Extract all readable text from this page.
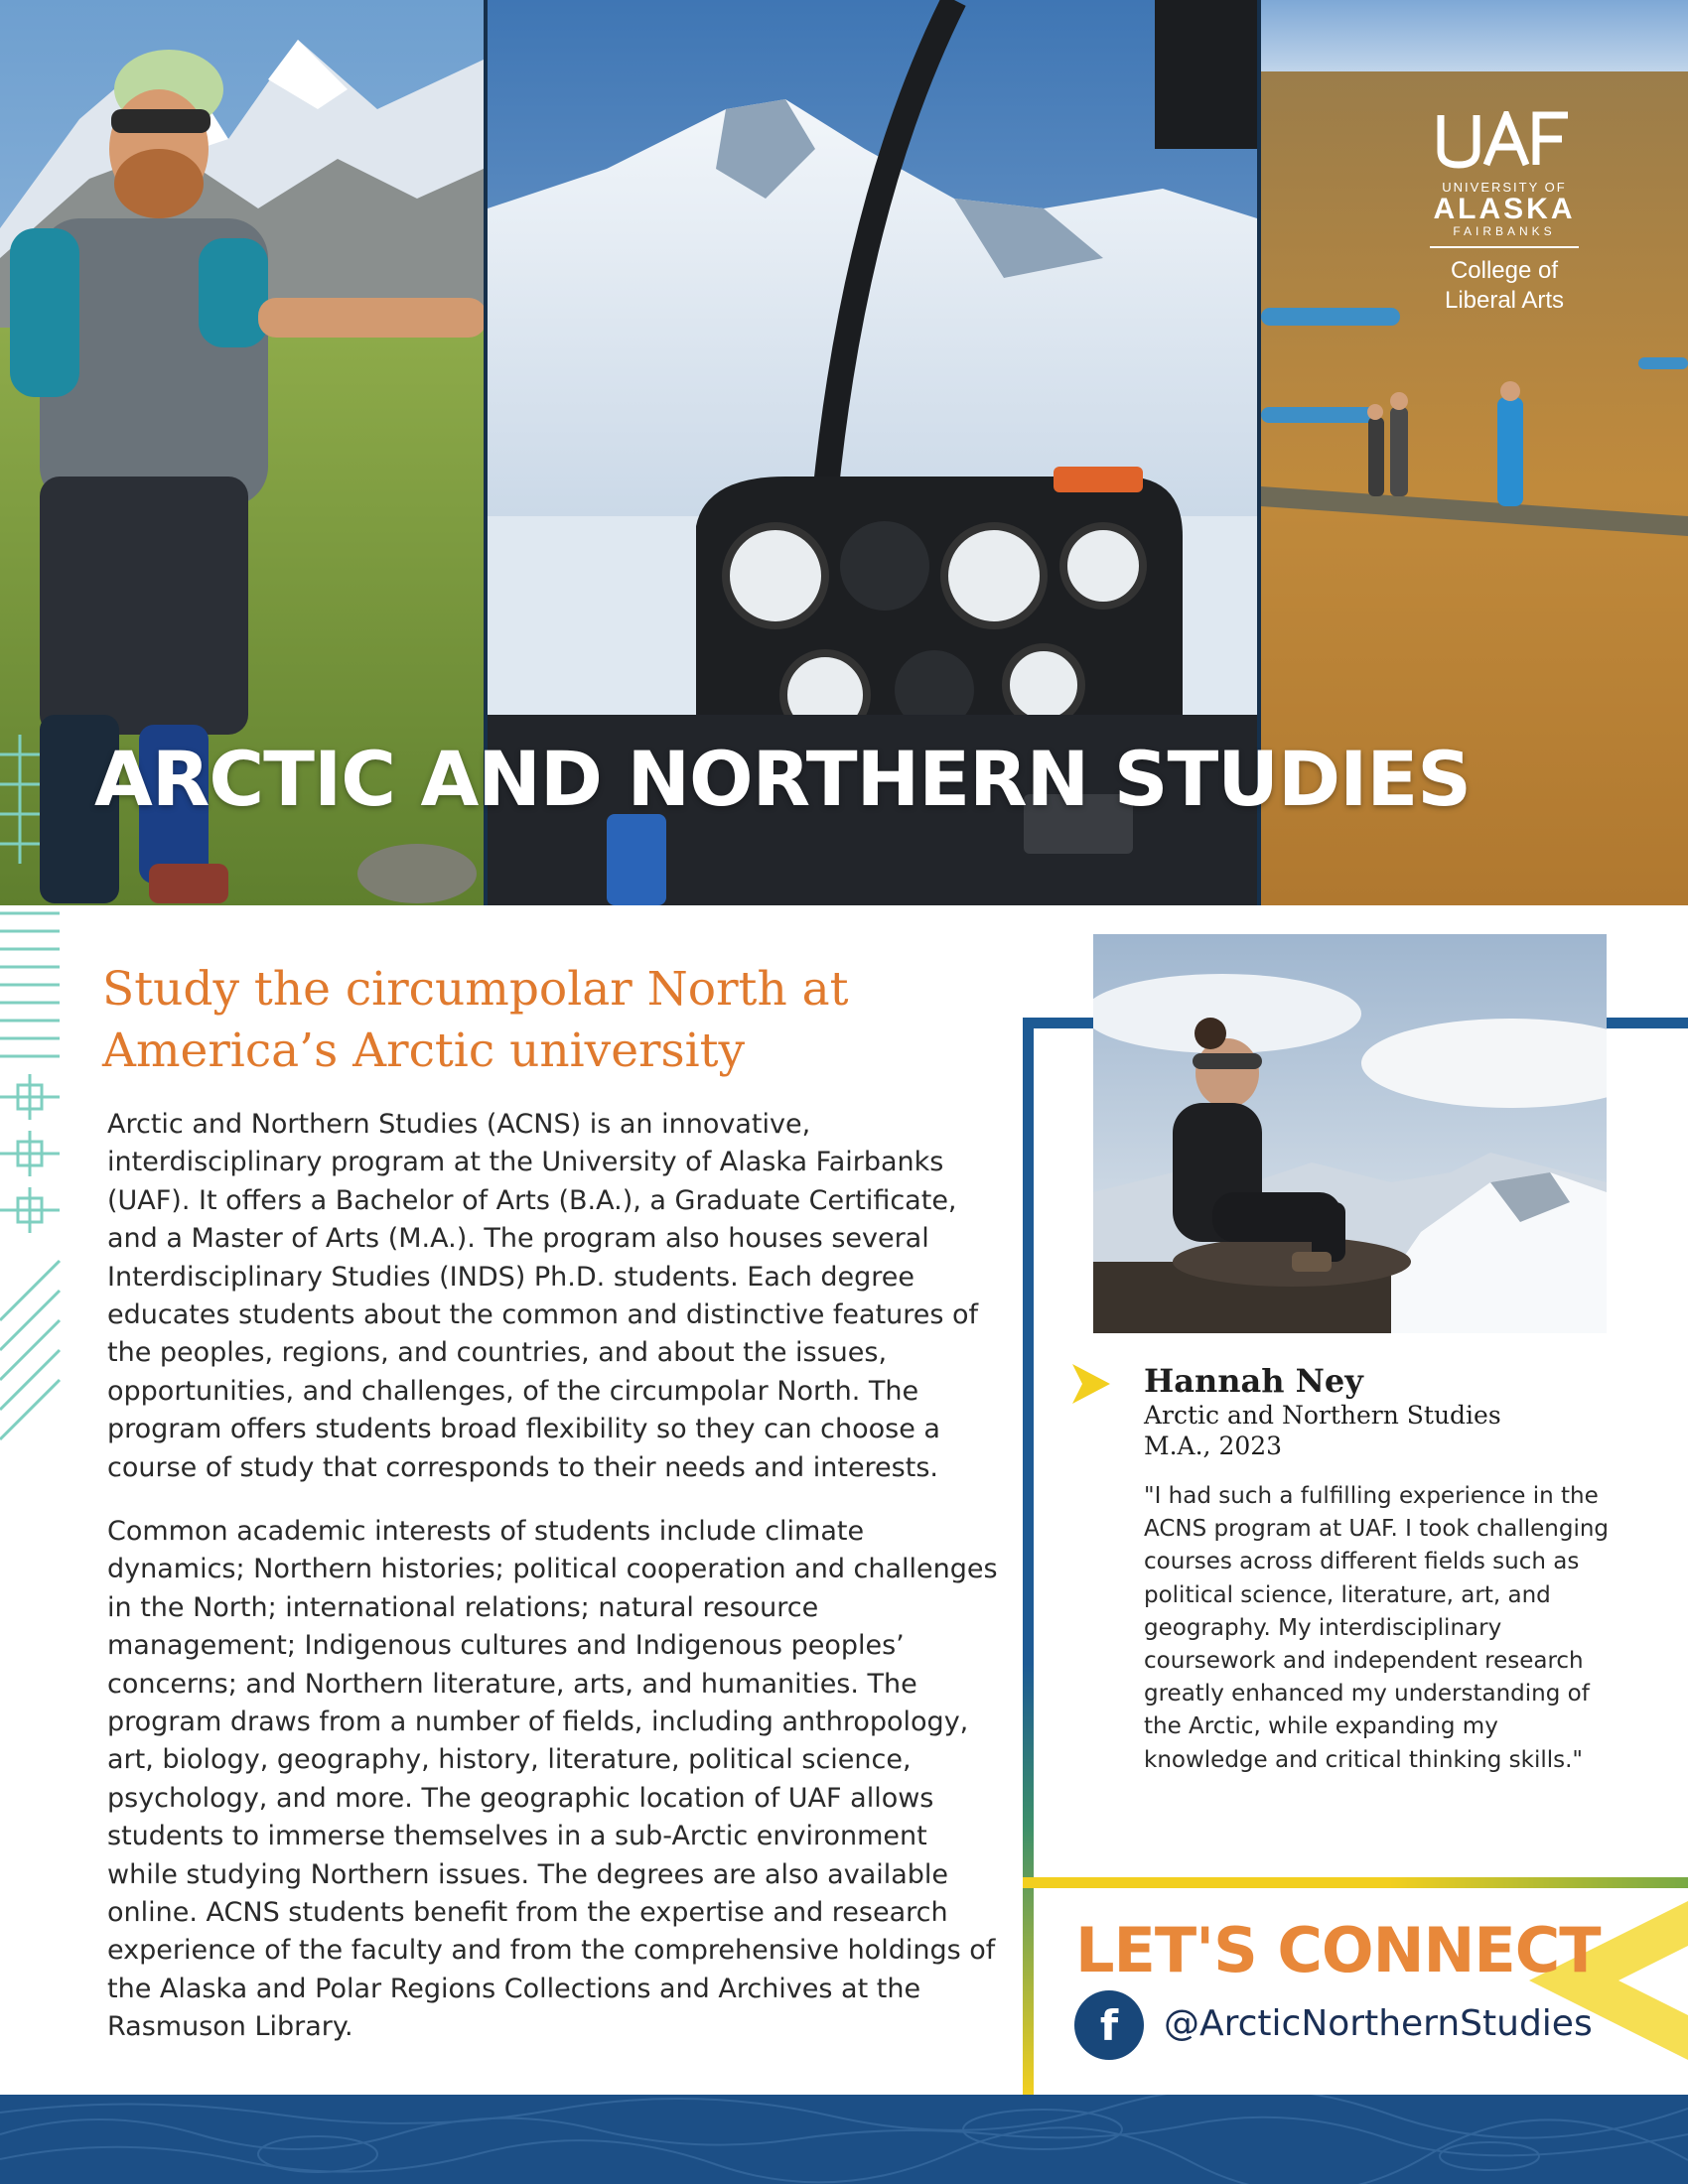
UNIVERSITY OF
ALASKA
FAIRBANKS
College of
Liberal Arts
ARCTIC AND NORTHERN STUDIES
Study the circumpolar North at America’s Arctic university
Arctic and Northern Studies (ACNS) is an innovative, interdisciplinary program at the University of Alaska Fairbanks (UAF). It offers a Bachelor of Arts (B.A.), a Graduate Certificate, and a Master of Arts (M.A.). The program also houses several Interdisciplinary Studies (INDS) Ph.D. students. Each degree educates students about the common and distinctive features of the peoples, regions, and countries, and about the issues, opportunities, and challenges, of the circumpolar North. The program offers students broad flexibility so they can choose a course of study that corresponds to their needs and interests.
Common academic interests of students include climate dynamics; Northern histories; political cooperation and challenges in the North; international relations; natural resource management; Indigenous cultures and Indigenous peoples’ concerns; and Northern literature, arts, and humanities. The program draws from a number of fields, including anthropology, art, biology, geography, history, literature, political science, psychology, and more. The geographic location of UAF allows students to immerse themselves in a sub-Arctic environment while studying Northern issues. The degrees are also available online. ACNS students benefit from the expertise and research experience of the faculty and from the comprehensive holdings of the Alaska and Polar Regions Collections and Archives at the Rasmuson Library.
Hannah Ney
Arctic and Northern Studies
M.A., 2023
"I had such a fulfilling experience in the ACNS program at UAF. I took challenging courses across different fields such as political science, literature, art, and geography. My interdisciplinary coursework and independent research greatly enhanced my understanding of the Arctic, while expanding my knowledge and critical thinking skills."
LET'S CONNECT
f	@ArcticNorthernStudies
